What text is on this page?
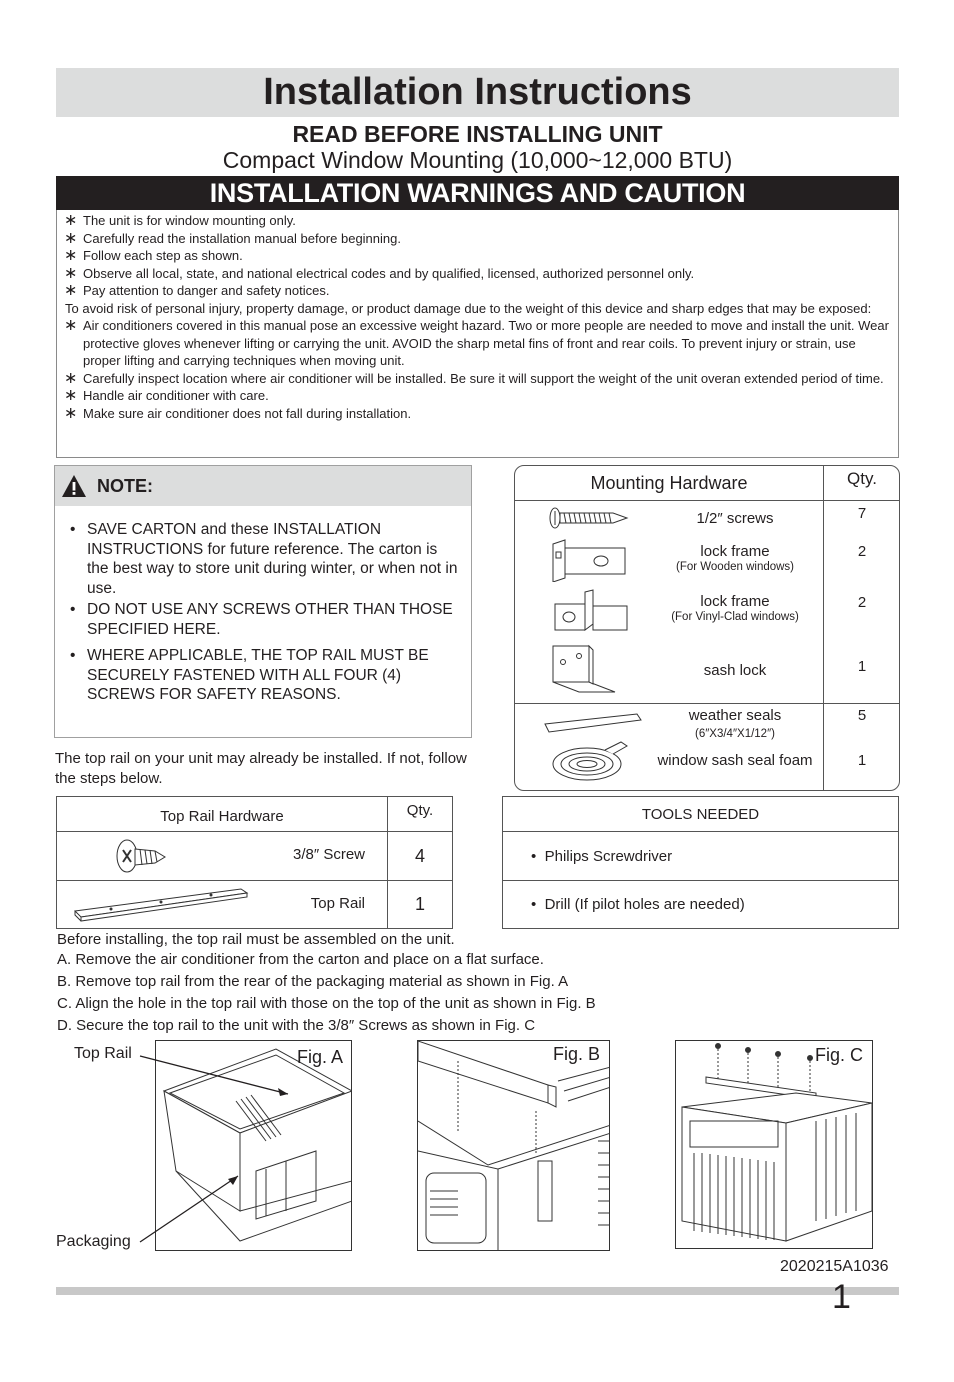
Installation Instructions
READ BEFORE INSTALLING UNIT
Compact Window Mounting (10,000~12,000 BTU)
INSTALLATION WARNINGS AND CAUTION
∗ The unit is for window mounting only.
∗ Carefully read the installation manual before beginning.
∗ Follow each step as shown.
∗ Observe all local, state, and national electrical codes and by qualified, licensed, authorized personnel only.
∗ Pay attention to danger and safety notices.
To avoid risk of personal injury, property damage, or product damage due to the weight of this device and sharp edges that may be exposed:
∗ Air conditioners covered in this manual pose an excessive weight hazard. Two or more people are needed to move and install the unit. Wear protective gloves whenever lifting or carrying the unit. AVOID the sharp metal fins of front and rear coils. To prevent injury or strain, use proper lifting and carrying techniques when moving unit.
∗ Carefully inspect location where air conditioner will be installed. Be sure it will support the weight of the unit overan extended period of time.
∗ Handle air conditioner with care.
∗ Make sure air conditioner does not fall during installation.
NOTE:
• SAVE CARTON and these INSTALLATION INSTRUCTIONS for future reference. The carton is the best way to store unit during winter, or when not in use.
• DO NOT USE ANY SCREWS OTHER THAN THOSE SPECIFIED HERE.
• WHERE APPLICABLE, THE TOP RAIL MUST BE SECURELY FASTENED WITH ALL FOUR (4) SCREWS FOR SAFETY REASONS.
Mounting Hardware	Qty.
1/2″ screws	7
lock frame
(For Wooden windows)
2
lock frame
(For Vinyl-Clad windows)
2
sash lock	1
weather seals
(6″X3/4″X1/12″)
5
window sash seal foam	1
The top rail on your unit may already be installed. If not, follow the steps below.
Top Rail Hardware	Qty.

3/8″ Screw	4

Top Rail	1
TOOLS NEEDED
•  Philips Screwdriver
•  Drill (If pilot holes are needed)
Before installing, the top rail must be assembled on the unit.
A. Remove the air conditioner from the carton and place on a flat surface.
B. Remove top rail from the rear of the packaging material as shown in Fig. A
C. Align the hole in the top rail with those on the top of the unit as shown in Fig. B
D. Secure the top rail to the unit with the 3/8″ Screws as shown in Fig. C
Fig. A
Top Rail
Packaging
Fig. B	Fig. C
2020215A1036
1
